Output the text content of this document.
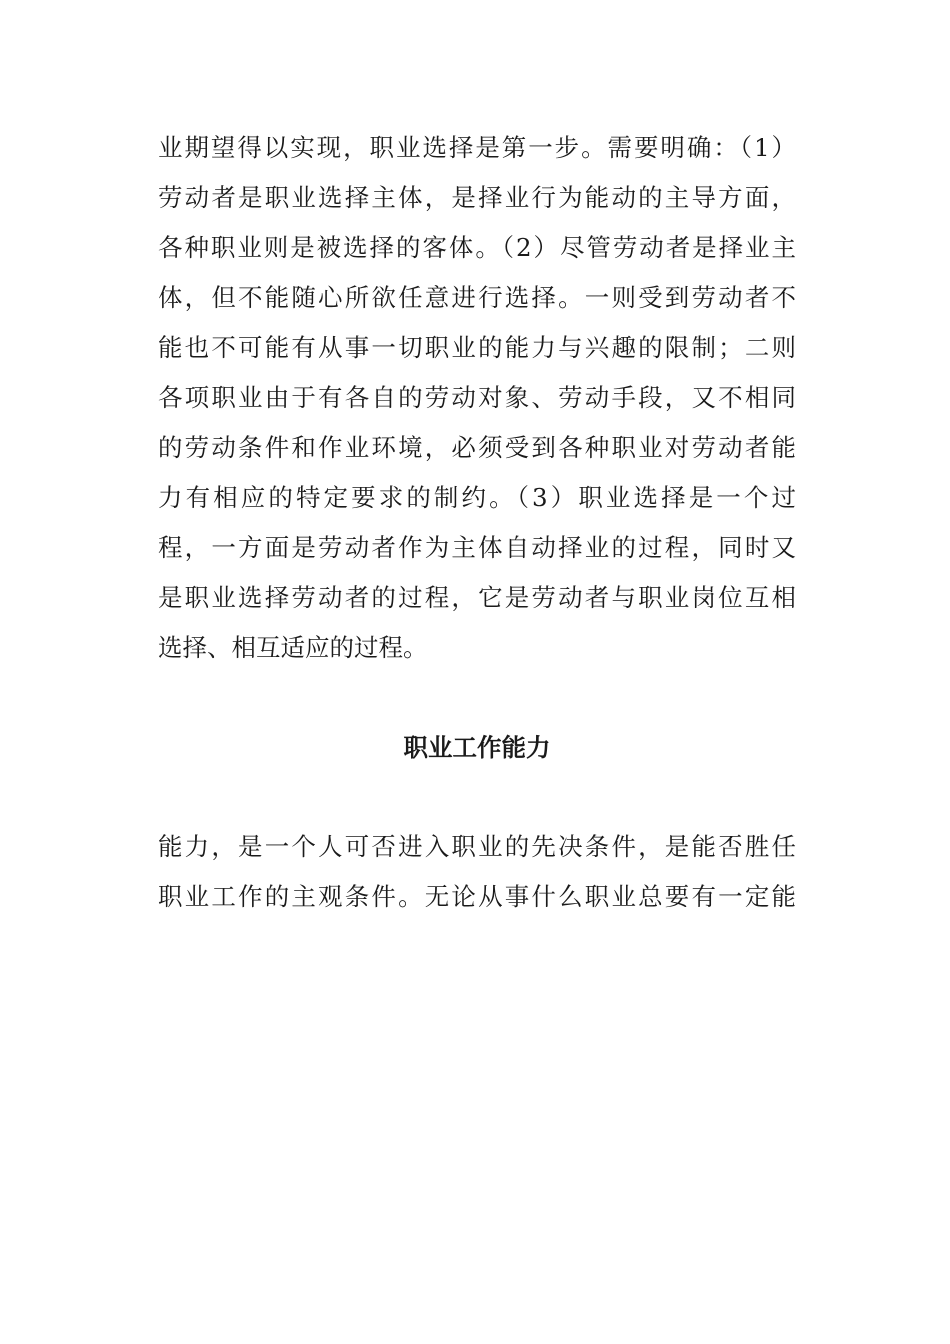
业期望得以实现，职业选择是第一步。需要明确：（1）
劳动者是职业选择主体，是择业行为能动的主导方面，
各种职业则是被选择的客体。（2）尽管劳动者是择业主
体，但不能随心所欲任意进行选择。一则受到劳动者不
能也不可能有从事一切职业的能力与兴趣的限制；二则
各项职业由于有各自的劳动对象、劳动手段，又不相同
的劳动条件和作业环境，必须受到各种职业对劳动者能
力有相应的特定要求的制约。（3）职业选择是一个过
程，一方面是劳动者作为主体自动择业的过程，同时又
是职业选择劳动者的过程，它是劳动者与职业岗位互相
选择、相互适应的过程。
职业工作能力
能力，是一个人可否进入职业的先决条件，是能否胜任
职业工作的主观条件。无论从事什么职业总要有一定能
